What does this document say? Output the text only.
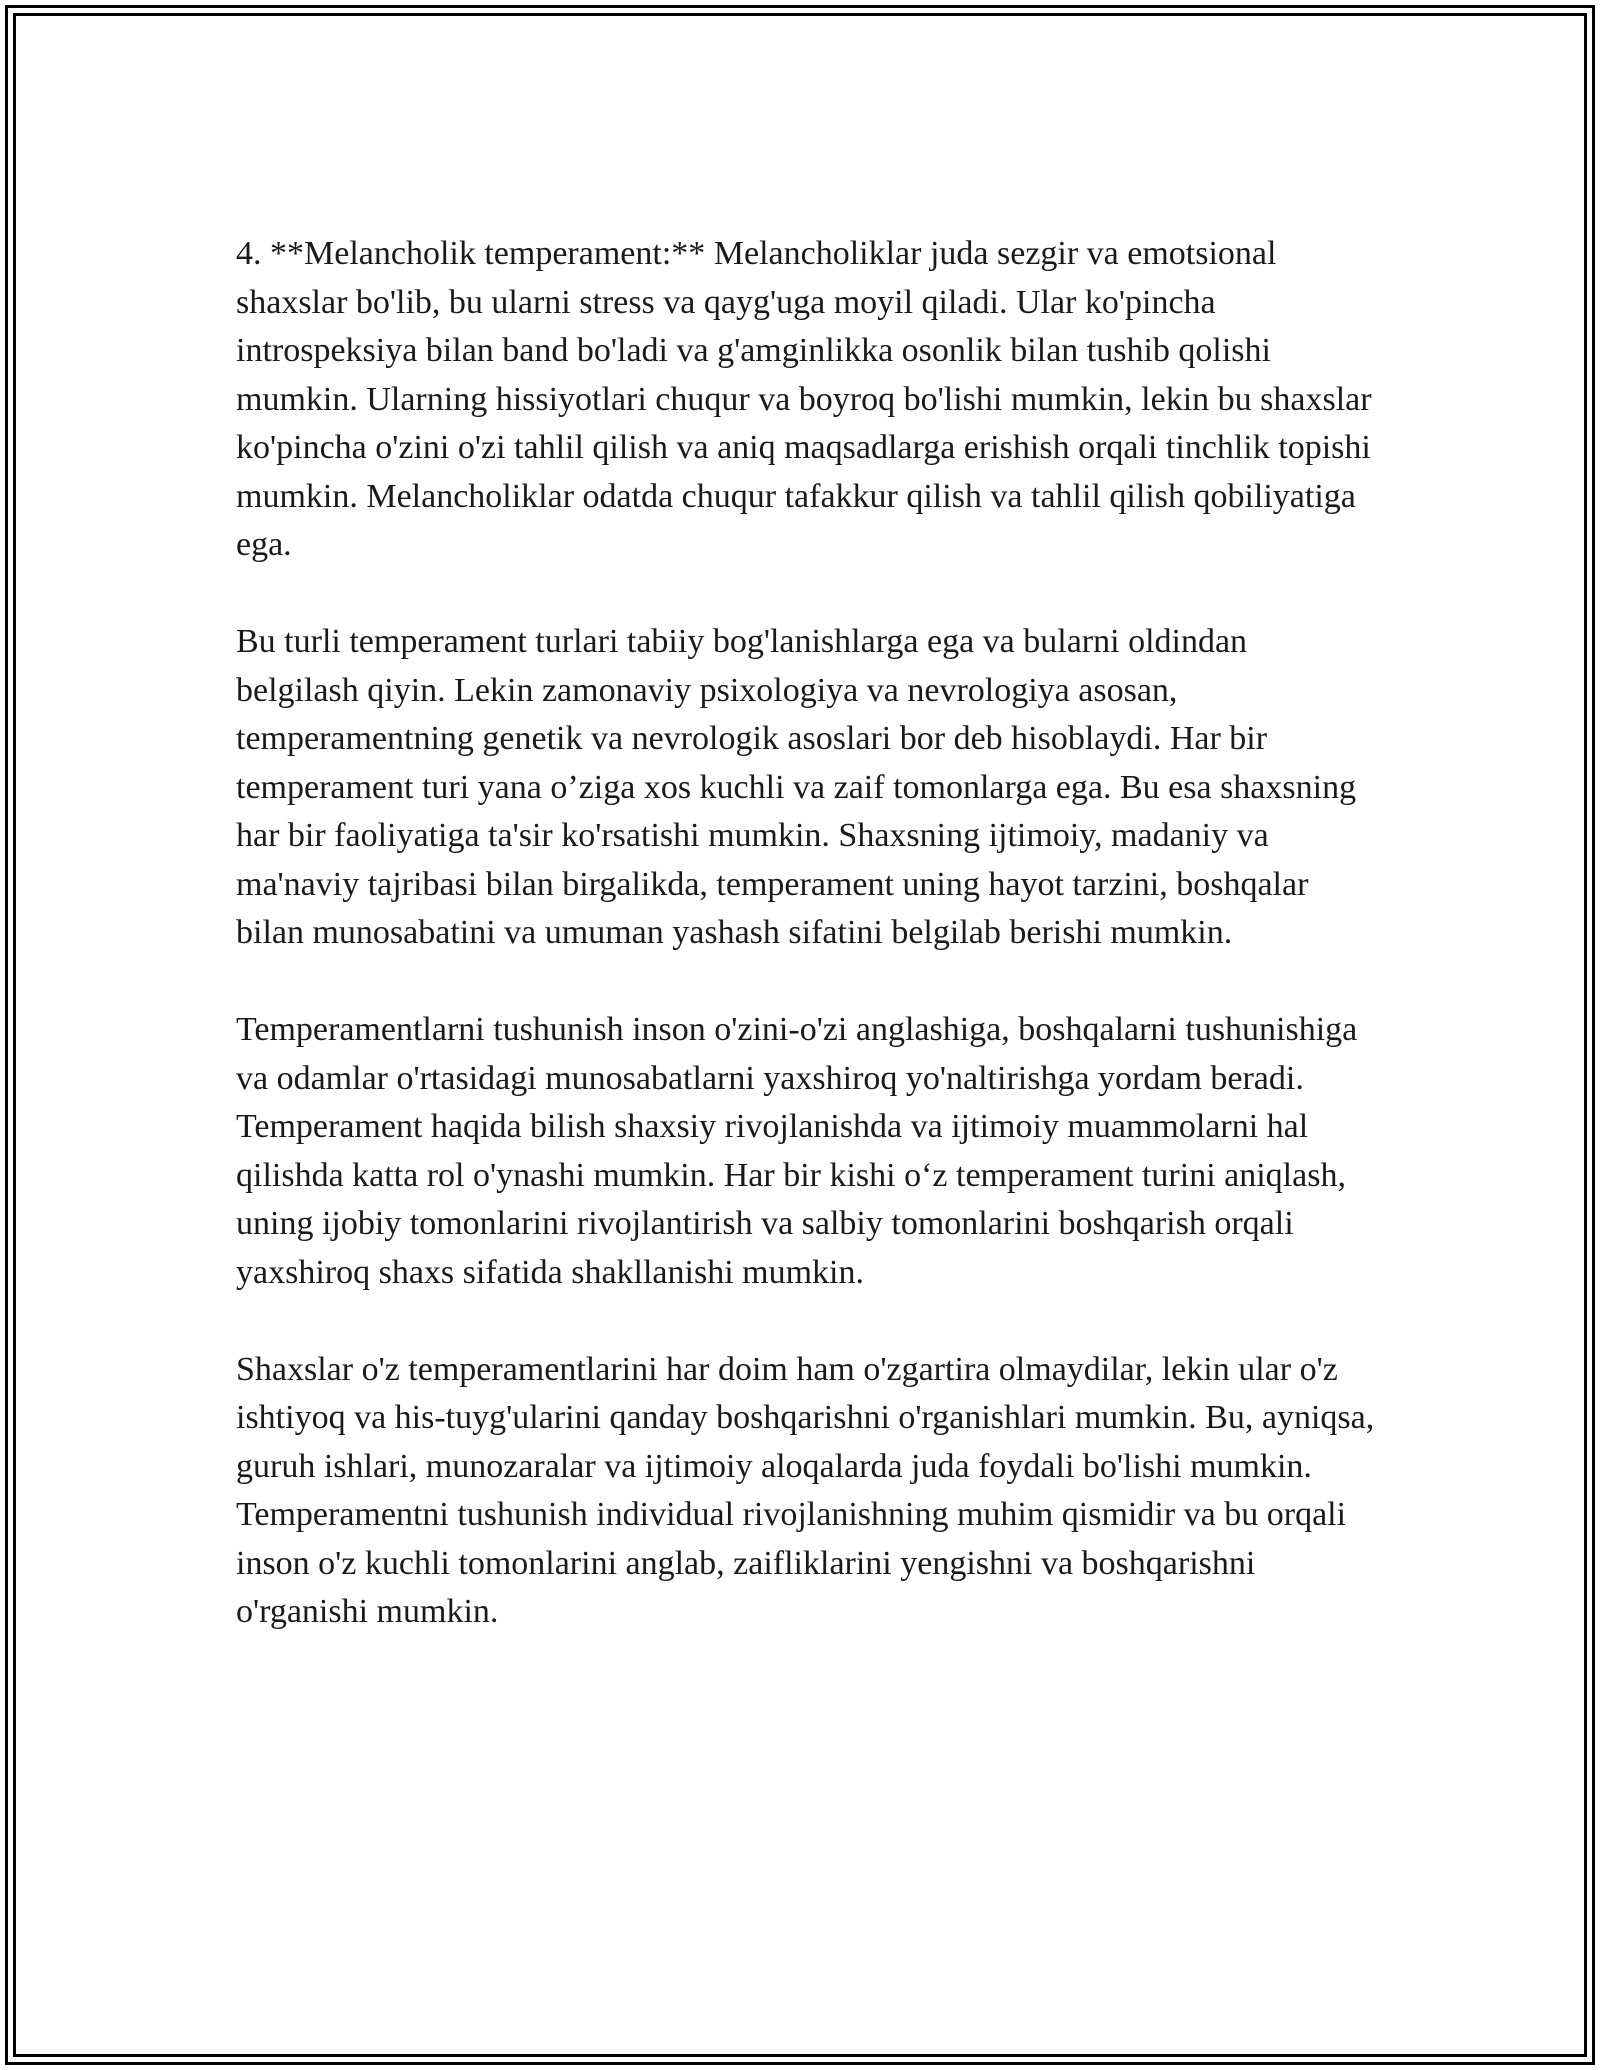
4. **Melancholik temperament:** Melancholiklar juda sezgir va emotsional shaxslar bo'lib, bu ularni stress va qayg'uga moyil qiladi. Ular ko'pincha introspeksiya bilan band bo'ladi va g'amginlikka osonlik bilan tushib qolishi mumkin. Ularning hissiyotlari chuqur va boyroq bo'lishi mumkin, lekin bu shaxslar ko'pincha o'zini o'zi tahlil qilish va aniq maqsadlarga erishish orqali tinchlik topishi mumkin. Melancholiklar odatda chuqur tafakkur qilish va tahlil qilish qobiliyatiga ega.

Bu turli temperament turlari tabiiy bog'lanishlarga ega va bularni oldindan belgilash qiyin. Lekin zamonaviy psixologiya va nevrologiya asosan, temperamentning genetik va nevrologik asoslari bor deb hisoblaydi. Har bir temperament turi yana o’ziga xos kuchli va zaif tomonlarga ega. Bu esa shaxsning har bir faoliyatiga ta'sir ko'rsatishi mumkin. Shaxsning ijtimoiy, madaniy va ma'naviy tajribasi bilan birgalikda, temperament uning hayot tarzini, boshqalar bilan munosabatini va umuman yashash sifatini belgilab berishi mumkin.

Temperamentlarni tushunish inson o'zini-o'zi anglashiga, boshqalarni tushunishiga va odamlar o'rtasidagi munosabatlarni yaxshiroq yo'naltirishga yordam beradi. Temperament haqida bilish shaxsiy rivojlanishda va ijtimoiy muammolarni hal qilishda katta rol o'ynashi mumkin. Har bir kishi o‘z temperament turini aniqlash, uning ijobiy tomonlarini rivojlantirish va salbiy tomonlarini boshqarish orqali yaxshiroq shaxs sifatida shakllanishi mumkin.

Shaxslar o'z temperamentlarini har doim ham o'zgartira olmaydilar, lekin ular o'z ishtiyoq va his-tuyg'ularini qanday boshqarishni o'rganishlari mumkin. Bu, ayniqsa, guruh ishlari, munozaralar va ijtimoiy aloqalarda juda foydali bo'lishi mumkin. Temperamentni tushunish individual rivojlanishning muhim qismidir va bu orqali inson o'z kuchli tomonlarini anglab, zaifliklarini yengishni va boshqarishni o'rganishi mumkin.
